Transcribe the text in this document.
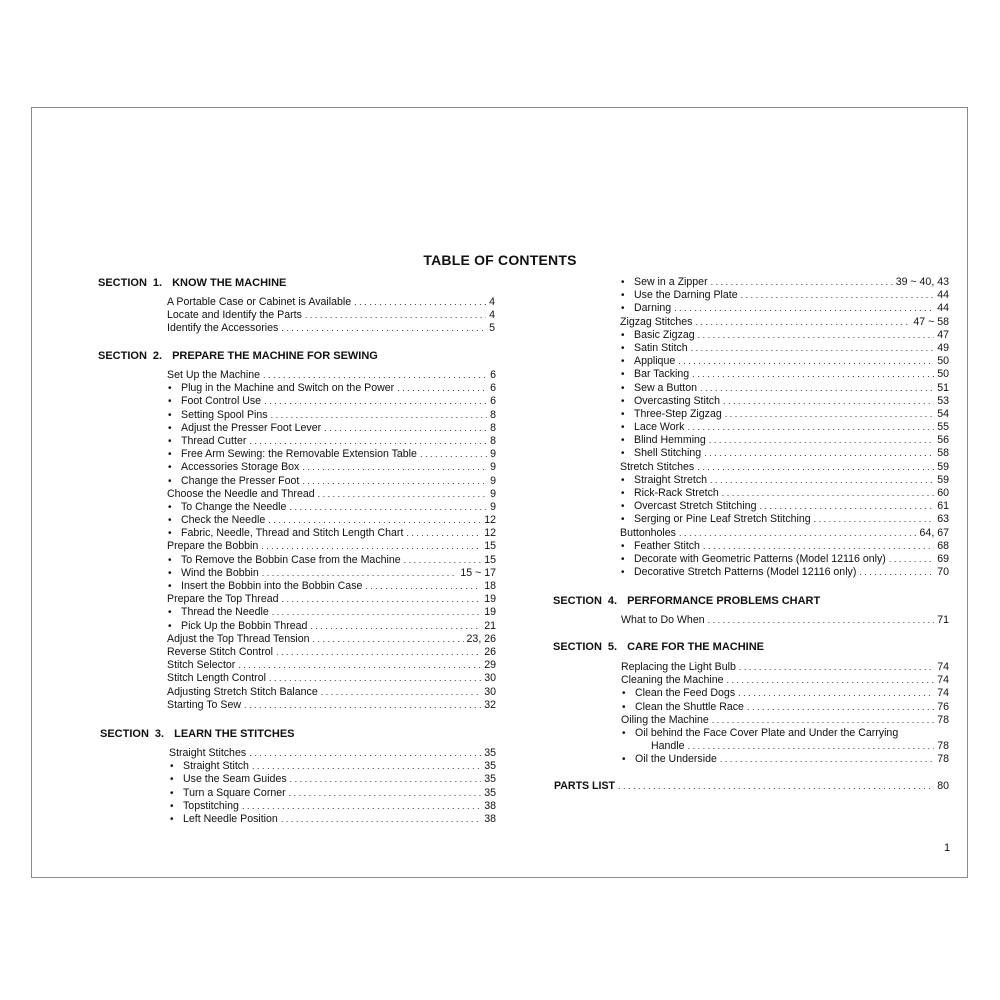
TABLE OF CONTENTS
SECTION 1. KNOW THE MACHINE
A Portable Case or Cabinet is Available . . .	4
Locate and Identify the Parts . . .	4
Identify the Accessories . . .	5
SECTION 2. PREPARE THE MACHINE FOR SEWING
Set Up the Machine . . .	6
• Plug in the Machine and Switch on the Power . . .	6
• Foot Control Use . . .	6
• Setting Spool Pins . . .	8
• Adjust the Presser Foot Lever . . .	8
• Thread Cutter . . .	8
• Free Arm Sewing: the Removable Extension Table . . .	9
• Accessories Storage Box . . .	9
• Change the Presser Foot . . .	9
Choose the Needle and Thread . . .	9
• To Change the Needle . . .	9
• Check the Needle . . .	12
• Fabric, Needle, Thread and Stitch Length Chart . . .	12
Prepare the Bobbin . . .	15
• To Remove the Bobbin Case from the Machine . . .	15
• Wind the Bobbin . . .	15 ~ 17
• Insert the Bobbin into the Bobbin Case . . .	18
Prepare the Top Thread . . .	19
• Thread the Needle . . .	19
• Pick Up the Bobbin Thread . . .	21
Adjust the Top Thread Tension . . .	23, 26
Reverse Stitch Control . . .	26
Stitch Selector . . .	29
Stitch Length Control . . .	30
Adjusting Stretch Stitch Balance . . .	30
Starting To Sew . . .	32
SECTION 3. LEARN THE STITCHES
Straight Stitches . . .	35
• Straight Stitch . . .	35
• Use the Seam Guides . . .	35
• Turn a Square Corner . . .	35
• Topstitching . . .	38
• Left Needle Position . . .	38
• Sew in a Zipper . . .	39 ~ 40, 43
• Use the Darning Plate . . .	44
• Darning . . .	44
Zigzag Stitches . . .	47 ~ 58
• Basic Zigzag . . .	47
• Satin Stitch . . .	49
• Applique . . .	50
• Bar Tacking . . .	50
• Sew a Button . . .	51
• Overcasting Stitch . . .	53
• Three-Step Zigzag . . .	54
• Lace Work . . .	55
• Blind Hemming . . .	56
• Shell Stitching . . .	58
Stretch Stitches . . .	59
• Straight Stretch . . .	59
• Rick-Rack Stretch . . .	60
• Overcast Stretch Stitching . . .	61
• Serging or Pine Leaf Stretch Stitching . . .	63
Buttonholes . . .	64, 67
• Feather Stitch . . .	68
• Decorate with Geometric Patterns (Model 12116 only) . . .	69
• Decorative Stretch Patterns (Model 12116 only) . . .	70
SECTION 4. PERFORMANCE PROBLEMS CHART
What to Do When . . .	71
SECTION 5. CARE FOR THE MACHINE
Replacing the Light Bulb . . .	74
Cleaning the Machine . . .	74
• Clean the Feed Dogs . . .	74
• Clean the Shuttle Race . . .	76
Oiling the Machine . . .	78
• Oil behind the Face Cover Plate and Under the Carrying
Handle . . .	78
• Oil the Underside . . .	78
PARTS LIST . . .	80
1
